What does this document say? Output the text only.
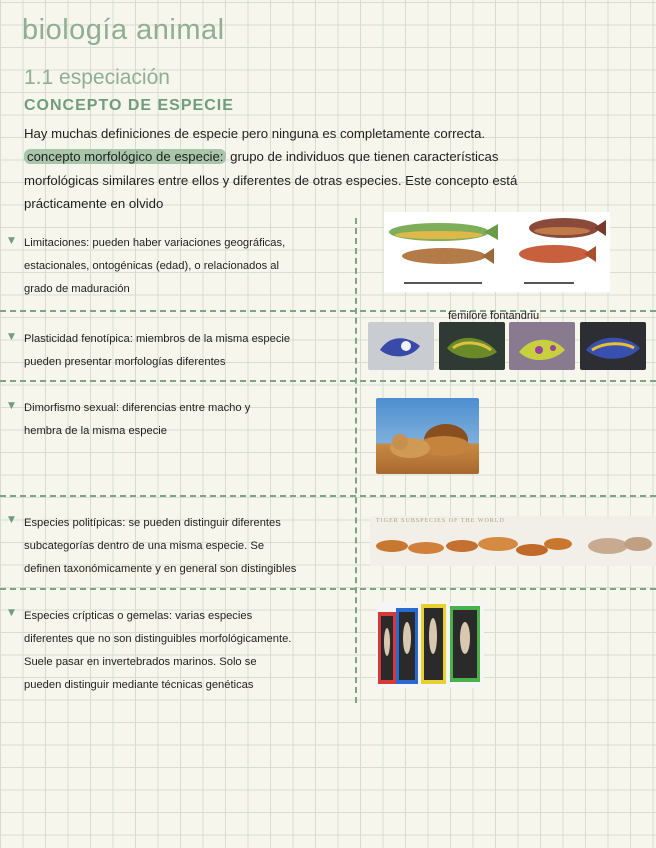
biología animal
1.1 especiación
CONCEPTO DE ESPECIE
Hay muchas definiciones de especie pero ninguna es completamente correcta.
concepto morfológico de especie: grupo de individuos que tienen características
morfológicas similares entre ellos y diferentes de otras especies. Este concepto está
prácticamente en olvido
▼ Limitaciones: pueden haber variaciones geográficas,
estacionales, ontogénicas (edad), o relacionados al
grado de maduración
▼ Plasticidad fenotípica: miembros de la misma especie
pueden presentar morfologías diferentes
▼ Dimorfismo sexual: diferencias entre macho y
hembra de la misma especie
▼ Especies politípicas: se pueden distinguir diferentes
subcategorías dentro de una misma especie. Se
definen taxonómicamente y en general son distingibles
▼ Especies crípticas o gemelas: varias especies
diferentes que no son distinguibles morfológicamente.
Suele pasar en invertebrados marinos. Solo se
pueden distinguir mediante técnicas genéticas
femilore fontandriu
TIGER SUBSPECIES OF THE WORLD
